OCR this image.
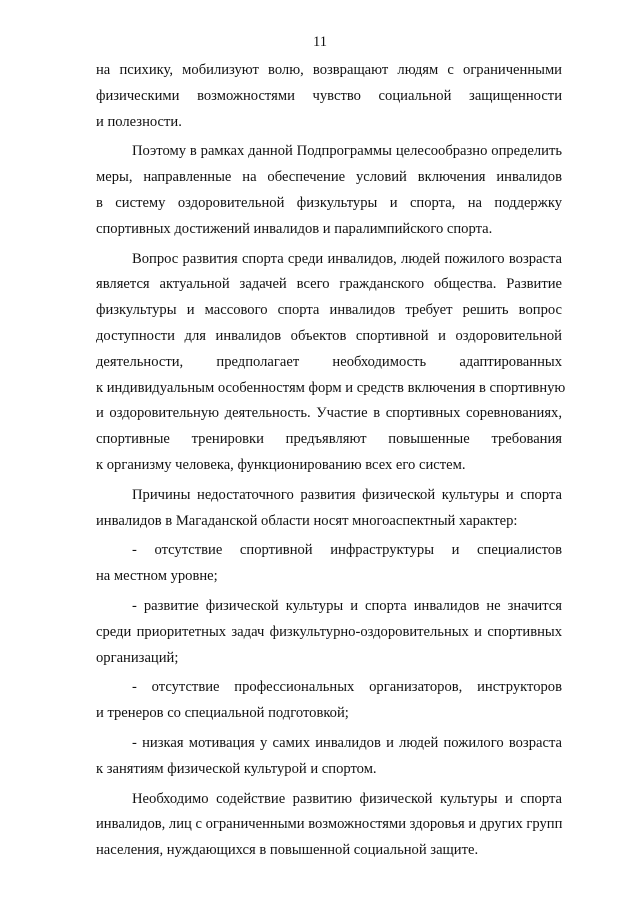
11
на психику, мобилизуют волю, возвращают людям с ограниченными
физическими возможностями чувство социальной защищенности
и полезности.
Поэтому в рамках данной Подпрограммы целесообразно определить
меры, направленные на обеспечение условий включения инвалидов
в систему оздоровительной физкультуры и спорта, на поддержку
спортивных достижений инвалидов и паралимпийского спорта.
Вопрос развития спорта среди инвалидов, людей пожилого возраста
является актуальной задачей всего гражданского общества. Развитие
физкультуры и массового спорта инвалидов требует решить вопрос
доступности для инвалидов объектов спортивной и оздоровительной
деятельности, предполагает необходимость адаптированных
к индивидуальным особенностям форм и средств включения в спортивную
и оздоровительную деятельность. Участие в спортивных соревнованиях,
спортивные тренировки предъявляют повышенные требования
к организму человека, функционированию всех его систем.
Причины недостаточного развития физической культуры и спорта
инвалидов в Магаданской области носят многоаспектный характер:
- отсутствие спортивной инфраструктуры и специалистов
на местном уровне;
- развитие физической культуры и спорта инвалидов не значится
среди приоритетных задач физкультурно-оздоровительных и спортивных
организаций;
- отсутствие профессиональных организаторов, инструкторов
и тренеров со специальной подготовкой;
- низкая мотивация у самих инвалидов и людей пожилого возраста
к занятиям физической культурой и спортом.
Необходимо содействие развитию физической культуры и спорта
инвалидов, лиц с ограниченными возможностями здоровья и других групп
населения, нуждающихся в повышенной социальной защите.
